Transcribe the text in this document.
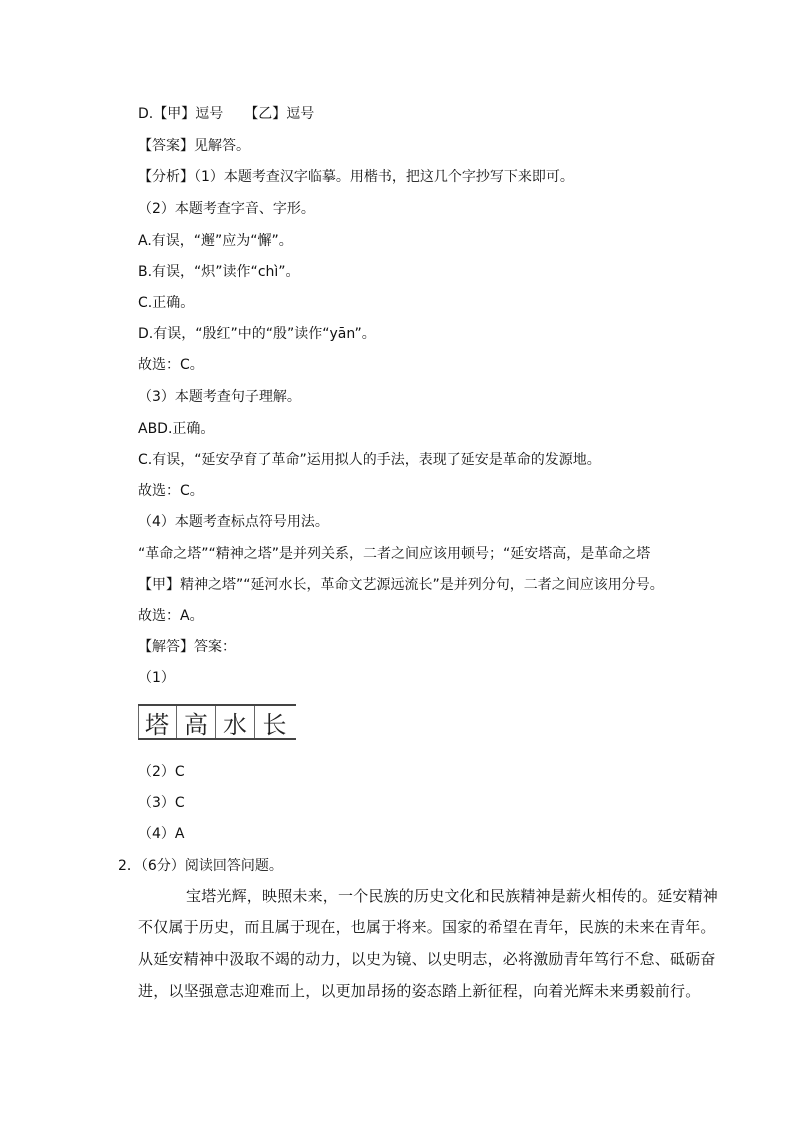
D.【甲】逗号　　【乙】逗号
【答案】见解答。
【分析】（1）本题考查汉字临摹。用楷书，把这几个字抄写下来即可。
（2）本题考查字音、字形。
A.有误，“邂”应为“懈”。
B.有误，“炽”读作“chì”。
C.正确。
D.有误，“殷红”中的“殷”读作“yān”。
故选：C。
（3）本题考查句子理解。
ABD.正确。
C.有误，“延安孕育了革命”运用拟人的手法，表现了延安是革命的发源地。
故选：C。
（4）本题考查标点符号用法。
“革命之塔”“精神之塔”是并列关系，二者之间应该用顿号；“延安塔高，是革命之塔
【甲】精神之塔”“延河水长，革命文艺源远流长”是并列分句，二者之间应该用分号。
故选：A。
【解答】答案：
（1）
塔 高 水 长
（2）C
（3）C
（4）A
2．（6分）阅读回答问题。
宝塔光辉，映照未来，一个民族的历史文化和民族精神是薪火相传的。延安精神
不仅属于历史，而且属于现在，也属于将来。国家的希望在青年，民族的未来在青年。
从延安精神中汲取不竭的动力，以史为镜、以史明志，必将激励青年笃行不怠、砥砺奋
进，以坚强意志迎难而上，以更加昂扬的姿态踏上新征程，向着光辉未来勇毅前行。
